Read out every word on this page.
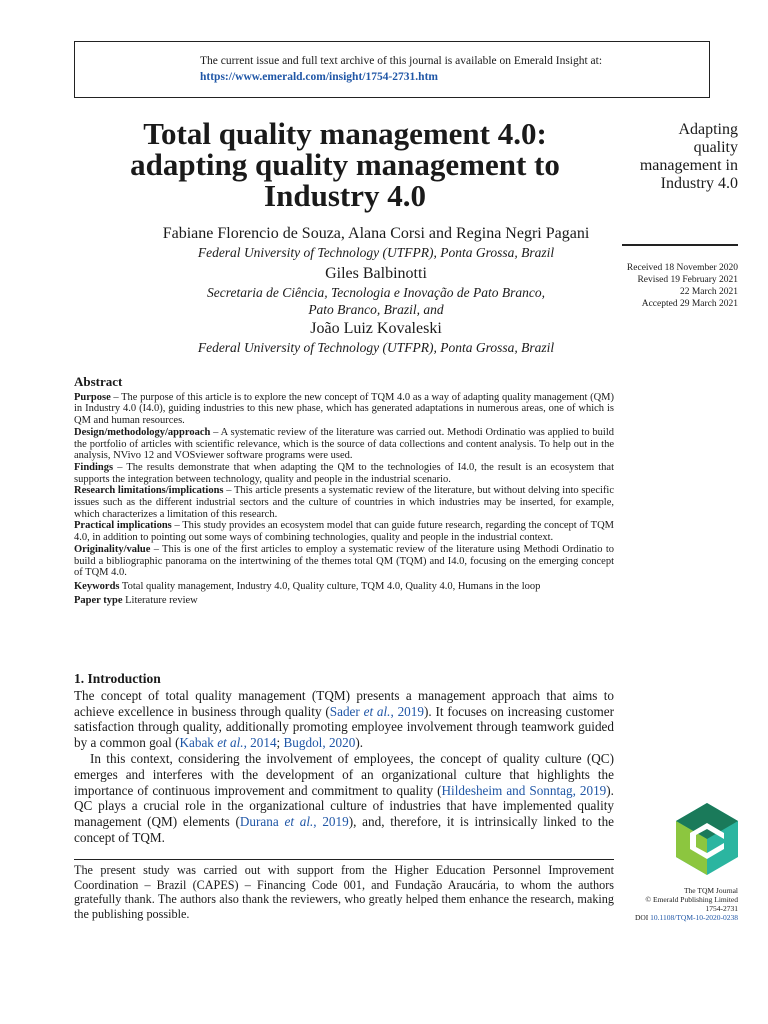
The current issue and full text archive of this journal is available on Emerald Insight at:
https://www.emerald.com/insight/1754-2731.htm
Total quality management 4.0:
adapting quality management to
Industry 4.0
Adapting
quality
management in
Industry 4.0
Received 18 November 2020
Revised 19 February 2021
22 March 2021
Accepted 29 March 2021
Fabiane Florencio de Souza, Alana Corsi and Regina Negri Pagani
Federal University of Technology (UTFPR), Ponta Grossa, Brazil
Giles Balbinotti
Secretaria de Ciência, Tecnologia e Inovação de Pato Branco,
Pato Branco, Brazil, and
João Luiz Kovaleski
Federal University of Technology (UTFPR), Ponta Grossa, Brazil
Abstract

Purpose – The purpose of this article is to explore the new concept of TQM 4.0 as a way of adapting quality management (QM) in Industry 4.0 (I4.0), guiding industries to this new phase, which has generated adaptations in numerous areas, one of which is QM and human resources.

Design/methodology/approach – A systematic review of the literature was carried out. Methodi Ordinatio was applied to build the portfolio of articles with scientific relevance, which is the source of data collections and content analysis. To help out in the analysis, NVivo 12 and VOSviewer software programs were used.

Findings – The results demonstrate that when adapting the QM to the technologies of I4.0, the result is an ecosystem that supports the integration between technology, quality and people in the industrial scenario.

Research limitations/implications – This article presents a systematic review of the literature, but without delving into specific issues such as the different industrial sectors and the culture of countries in which industries may be inserted, for example, which characterizes a limitation of this research.

Practical implications – This study provides an ecosystem model that can guide future research, regarding the concept of TQM 4.0, in addition to pointing out some ways of combining technologies, quality and people in the industrial context.

Originality/value – This is one of the first articles to employ a systematic review of the literature using Methodi Ordinatio to build a bibliographic panorama on the intertwining of the themes total QM (TQM) and I4.0, focusing on the emerging concept of TQM 4.0.

Keywords Total quality management, Industry 4.0, Quality culture, TQM 4.0, Quality 4.0, Humans in the loop

Paper type Literature review

1. Introduction

The concept of total quality management (TQM) presents a management approach that aims to achieve excellence in business through quality (Sader et al., 2019). It focuses on increasing customer satisfaction through quality, additionally promoting employee involvement through teamwork guided by a common goal (Kabak et al., 2014; Bugdol, 2020).

In this context, considering the involvement of employees, the concept of quality culture (QC) emerges and interferes with the development of an organizational culture that highlights the importance of continuous improvement and commitment to quality (Hildesheim and Sonntag, 2019). QC plays a crucial role in the organizational culture of industries that have implemented quality management (QM) elements (Durana et al., 2019), and, therefore, it is intrinsically linked to the concept of TQM.

The present study was carried out with support from the Higher Education Personnel Improvement Coordination – Brazil (CAPES) – Financing Code 001, and Fundação Araucária, to whom the authors gratefully thank. The authors also thank the reviewers, who greatly helped them enhance the research, making the publishing possible.
The TQM Journal
© Emerald Publishing Limited
1754-2731
DOI 10.1108/TQM-10-2020-0238
